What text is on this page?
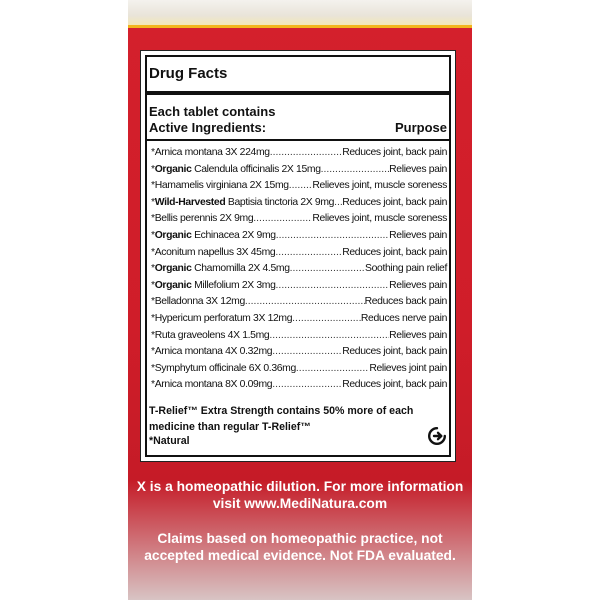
Drug Facts
Each tablet contains
Active Ingredients:	Purpose
*Arnica montana 3X 224mg .....	Reduces joint, back pain
*Organic Calendula officinalis 2X 15mg .....	Relieves pain
*Hamamelis virginiana 2X 15mg ..... Relieves joint, muscle soreness
*Wild-Harvested Baptisia tinctoria 2X 9mg ..... Reduces joint, back pain
*Bellis perennis 2X 9mg .....	Relieves joint, muscle soreness
*Organic Echinacea 2X 9mg .....	Relieves pain
*Aconitum napellus 3X 45mg .....	Reduces joint, back pain
*Organic Chamomilla 2X 4.5mg .....	Soothing pain relief
*Organic Millefolium 2X 3mg .....	Relieves pain
*Belladonna 3X 12mg .....	Reduces back pain
*Hypericum perforatum 3X 12mg .....	Reduces nerve pain
*Ruta graveolens 4X 1.5mg .....	Relieves pain
*Arnica montana 4X 0.32mg .....	Reduces joint, back pain
*Symphytum officinale 6X 0.36mg .....	Relieves joint pain
*Arnica montana 8X 0.09mg .....	Reduces joint, back pain
T-Relief™ Extra Strength contains 50% more of each medicine than regular T-Relief™
*Natural
X is a homeopathic dilution. For more information visit www.MediNatura.com
Claims based on homeopathic practice, not accepted medical evidence. Not FDA evaluated.
